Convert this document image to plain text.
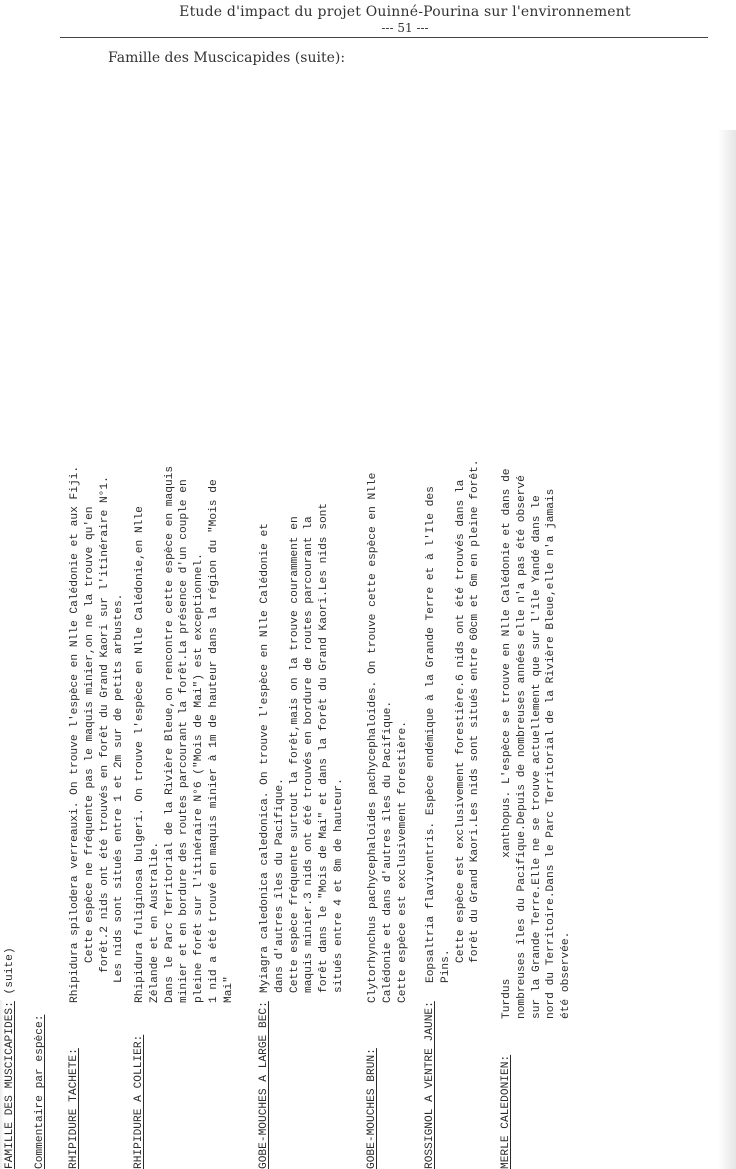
Etude d'impact du projet Ouinné-Pourina sur l'environnement
--- 51 ---
Famille des Muscicapides (suite):
FAMILLE DES MUSCICAPIDES: (suite)
Commentaire par espèce: RHIPIDURE TACHETE:
Rhipidura spilodera verreauxi. On trouve l'espèce en Nlle Calédonie et aux Fiji. Cette espèce ne fréquente pas le maquis minier,on ne la trouve qu'en forêt.2 nids ont été trouvés en forêt du Grand Kaori sur l'itinéraire N°1. Les nids sont situés entre 1 et 2m sur de petits arbustes.
RHIPIDURE A COLLIER:
Rhipidura fuliginosa bulgeri. On trouve l'espèce en Nlle Calédonie,en Nlle Zélande et en Australie. Dans le Parc Territorial de la Rivière Bleue,on rencontre cette espèce en maquis minier et en bordure des routes parcourant la forêt.La présence d'un couple en pleine forêt sur l'itinéraire N°6 ("Mois de Mai") est exceptionnel. 1 nid a été trouvé en maquis minier à 1m de hauteur dans la région du "Mois de Mai"
GOBE-MOUCHES A LARGE BEC:
Myiagra caledonica caledonica. On trouve l'espèce en Nlle Calédonie et dans d'autres îles du Pacifique. Cette espèce fréquente surtout la forêt,mais on la trouve couramment en maquis minier.3 nids ont été trouvés en bordure de routes parcourant la forêt dans le "Mois de Mai" et dans la forêt du Grand Kaori.Les nids sont situés entre 4 et 8m de hauteur.
GOBE-MOUCHES BRUN:
Clytorhynchus pachycephaloides pachycephaloides. On trouve cette espèce en Nlle Calédonie et dans d'autres îles du Pacifique. Cette espèce est exclusivement forestière.
ROSSIGNOL A VENTRE JAUNE:
Eopsaltria flaviventris. Espèce endémique à la Grande Terre et à l'Ile des Pins.
Cette espèce est exclusivement forestière.6 nids ont été trouvés dans la forêt du Grand Kaori.Les nids sont situés entre 60cm et 6m en pleine forêt.
MERLE CALEDONIEN:
Turdus                  xanthopus. L'espèce se trouve en Nlle Calédonie et dans de nombreuses îles du Pacifique.Depuis de nombreuses années elle n'a pas été observé sur la Grande Terre.Elle ne se trouve actuellement que sur l'île Yandé dans le nord du Territoire.Dans le Parc Territorial de la Rivière Bleue,elle n'a jamais été observée.
